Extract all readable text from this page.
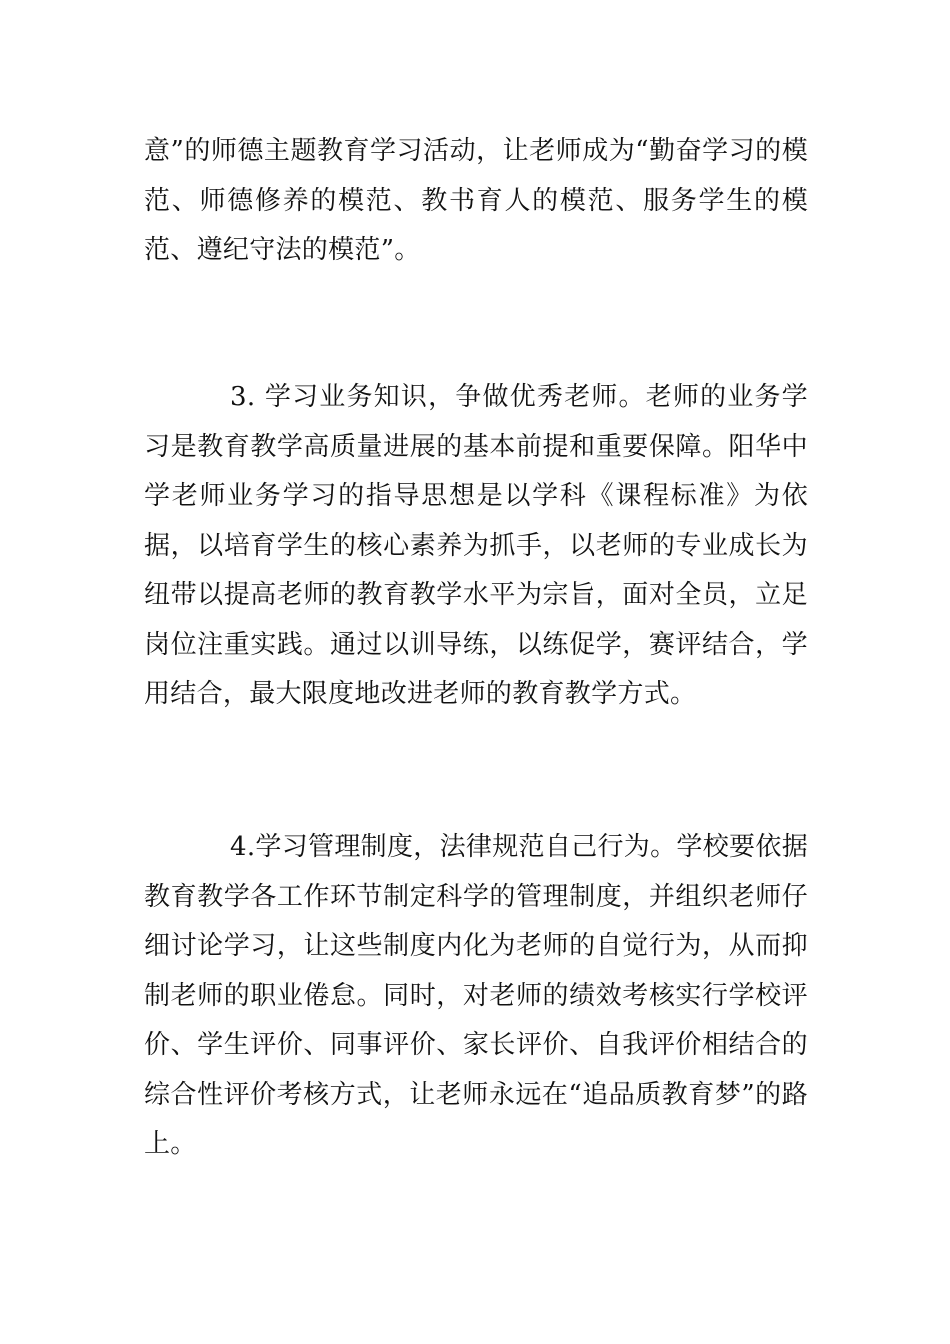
意”的师德主题教育学习活动，让老师成为“勤奋学习的模范、师德修养的模范、教书育人的模范、服务学生的模范、遵纪守法的模范”。

3. 学习业务知识，争做优秀老师。老师的业务学习是教育教学高质量进展的基本前提和重要保障。阳华中学老师业务学习的指导思想是以学科《课程标准》为依据，以培育学生的核心素养为抓手，以老师的专业成长为纽带以提高老师的教育教学水平为宗旨，面对全员，立足岗位注重实践。通过以训导练，以练促学，赛评结合，学用结合，最大限度地改进老师的教育教学方式。

4.学习管理制度，法律规范自己行为。学校要依据教育教学各工作环节制定科学的管理制度，并组织老师仔细讨论学习，让这些制度内化为老师的自觉行为，从而抑制老师的职业倦怠。同时，对老师的绩效考核实行学校评价、学生评价、同事评价、家长评价、自我评价相结合的综合性评价考核方式，让老师永远在“追品质教育梦”的路上。
